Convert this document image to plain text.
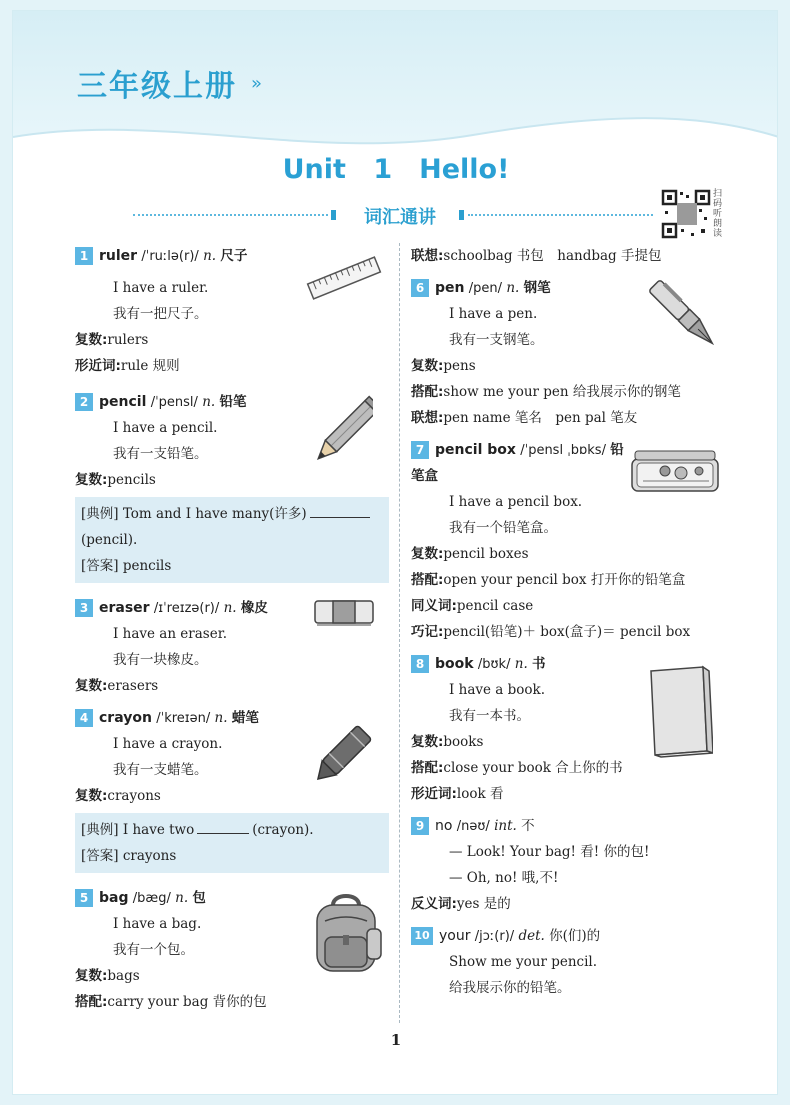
三年级上册 »
Unit 1　Hello!
词汇通讲
扫码听朗读
1 ruler /ˈruːlə(r)/ n. 尺子
I have a ruler.
我有一把尺子。
复数:rulers
形近词:rule 规则
2 pencil /ˈpensl/ n. 铅笔
I have a pencil.
我有一支铅笔。
复数:pencils
[典例] Tom and I have many(许多)
(pencil).
[答案] pencils
3 eraser /ɪˈreɪzə(r)/ n. 橡皮
I have an eraser.
我有一块橡皮。
复数:erasers
4 crayon /ˈkreɪən/ n. 蜡笔
I have a crayon.
我有一支蜡笔。
复数:crayons
[典例] I have two	(crayon).
[答案] crayons
5 bag /bæg/ n. 包
I have a bag.
我有一个包。
复数:bags
搭配:carry your bag 背你的包
联想:schoolbag 书包　handbag 手提包
6 pen /pen/ n. 钢笔
I have a pen.
我有一支钢笔。
复数:pens
搭配:show me your pen 给我展示你的钢笔
联想:pen name 笔名　pen pal 笔友
7 pencil box /ˈpensl ˌbɒks/ 铅
笔盒
I have a pencil box.
我有一个铅笔盒。
复数:pencil boxes
搭配:open your pencil box 打开你的铅笔盒
同义词:pencil case
巧记:pencil(铅笔)＋ box(盒子)＝ pencil box
8 book /bʊk/ n. 书
I have a book.
我有一本书。
复数:books
搭配:close your book 合上你的书
形近词:look 看
9 no /nəʊ/ int. 不
— Look! Your bag! 看! 你的包!
— Oh, no! 哦,不!
反义词:yes 是的
10 your /jɔː(r)/ det. 你(们)的
Show me your pencil.
给我展示你的铅笔。
1
